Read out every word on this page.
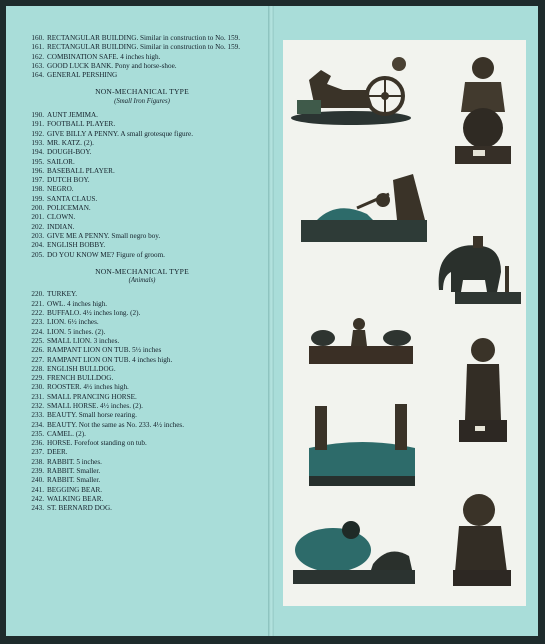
160. RECTANGULAR BUILDING. Similar in construction to No. 159.
161. RECTANGULAR BUILDING. Similar in construction to No. 159.
162. COMBINATION SAFE. 4 inches high.
163. GOOD LUCK BANK. Pony and horse-shoe.
164. GENERAL PERSHING
NON-MECHANICAL TYPE
(Small Iron Figures)
190. AUNT JEMIMA.
191. FOOTBALL PLAYER.
192. GIVE BILLY A PENNY. A small grotesque figure.
193. MR. KATZ. (2).
194. DOUGH-BOY.
195. SAILOR.
196. BASEBALL PLAYER.
197. DUTCH BOY.
198. NEGRO.
199. SANTA CLAUS.
200. POLICEMAN.
201. CLOWN.
202. INDIAN.
203. GIVE ME A PENNY. Small negro boy.
204. ENGLISH BOBBY.
205. DO YOU KNOW ME? Figure of groom.
NON-MECHANICAL TYPE
(Animals)
220. TURKEY.
221. OWL. 4 inches high.
222. BUFFALO. 4½ inches long. (2).
223. LION. 6½ inches.
224. LION. 5 inches. (2).
225. SMALL LION. 3 inches.
226. RAMPANT LION ON TUB. 5½ inches
227. RAMPANT LION ON TUB. 4 inches high.
228. ENGLISH BULLDOG.
229. FRENCH BULLDOG.
230. ROOSTER. 4½ inches high.
231. SMALL PRANCING HORSE.
232. SMALL HORSE. 4½ inches. (2).
233. BEAUTY. Small horse rearing.
234. BEAUTY. Not the same as No. 233. 4½ inches.
235. CAMEL. (2).
236. HORSE. Forefoot standing on tub.
237. DEER.
238. RABBIT. 5 inches.
239. RABBIT. Smaller.
240. RABBIT. Smaller.
241. BEGGING BEAR.
242. WALKING BEAR.
243. ST. BERNARD DOG.
